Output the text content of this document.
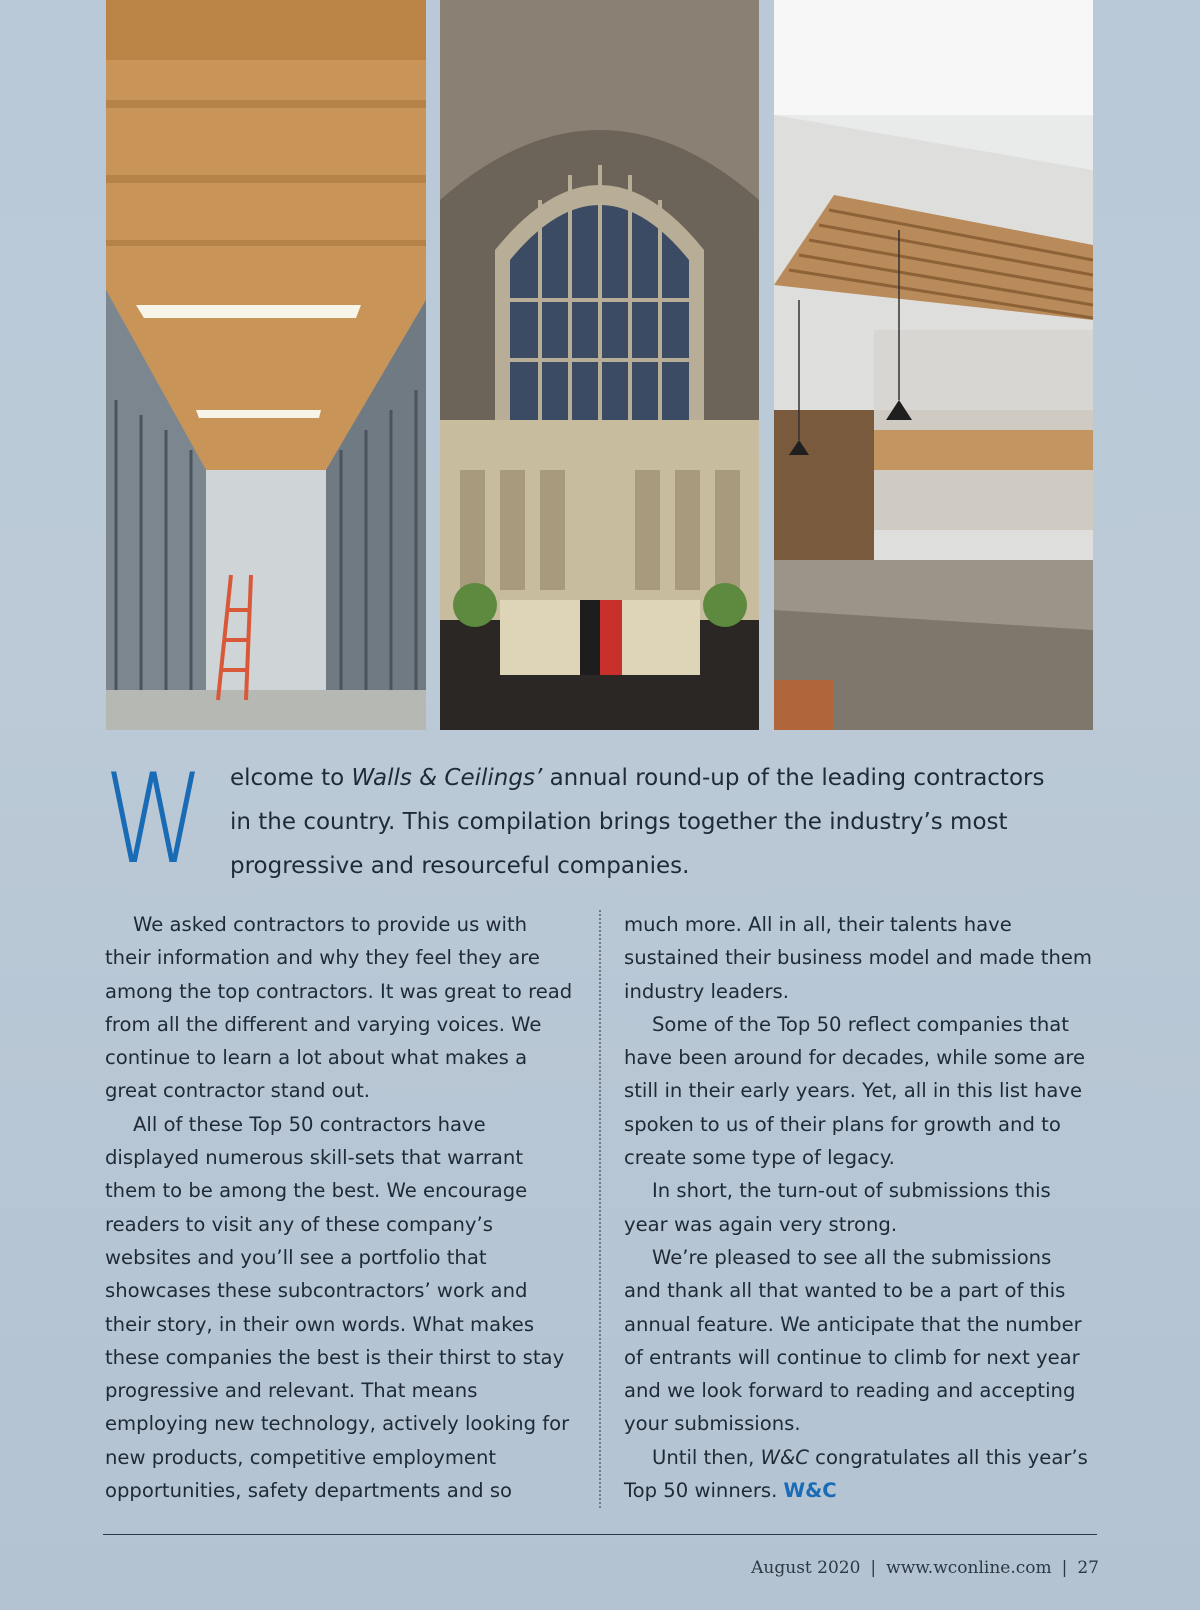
W elcome to Walls & Ceilings’ annual round-up of the leading contractors in the country. This compilation brings together the industry’s most progressive and resourceful companies.

We asked contractors to provide us with their information and why they feel they are among the top contractors. It was great to read from all the different and varying voices. We continue to learn a lot about what makes a great contractor stand out.

All of these Top 50 contractors have displayed numerous skill-sets that warrant them to be among the best. We encourage readers to visit any of these company’s websites and you’ll see a portfolio that showcases these subcontractors’ work and their story, in their own words. What makes these companies the best is their thirst to stay progressive and relevant. That means employing new technology, actively looking for new products, competitive employment opportunities, safety departments and so

much more. All in all, their talents have sustained their business model and made them industry leaders.

Some of the Top 50 reflect companies that have been around for decades, while some are still in their early years. Yet, all in this list have spoken to us of their plans for growth and to create some type of legacy.

In short, the turn-out of submissions this year was again very strong.

We’re pleased to see all the submissions and thank all that wanted to be a part of this annual feature. We anticipate that the number of entrants will continue to climb for next year and we look forward to reading and accepting your submissions.

Until then, W&C congratulates all this year’s Top 50 winners. W&C

August 2020 | www.wconline.com | 27
